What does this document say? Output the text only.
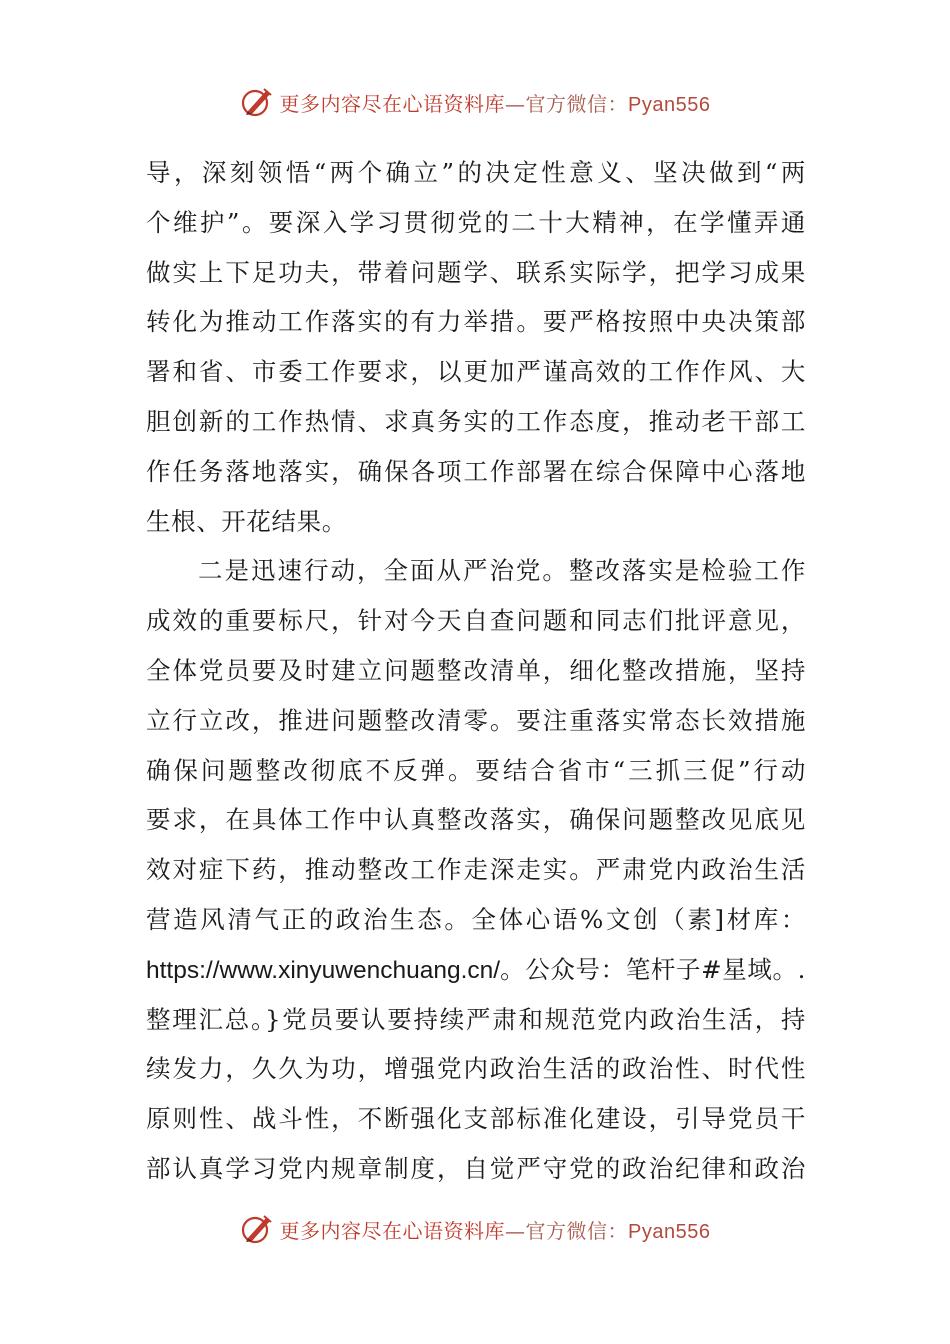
更多内容尽在心语资料库—官方微信：Pyan556
导，深刻领悟“两个确立”的决定性意义、坚决做到“两
个维护”。要深入学习贯彻党的二十大精神，在学懂弄通
做实上下足功夫，带着问题学、联系实际学，把学习成果
转化为推动工作落实的有力举措。要严格按照中央决策部
署和省、市委工作要求，以更加严谨高效的工作作风、大
胆创新的工作热情、求真务实的工作态度，推动老干部工
作任务落地落实，确保各项工作部署在综合保障中心落地
生根、开花结果。
二是迅速行动，全面从严治党。整改落实是检验工作
成效的重要标尺，针对今天自查问题和同志们批评意见，
全体党员要及时建立问题整改清单，细化整改措施，坚持
立行立改，推进问题整改清零。要注重落实常态长效措施
确保问题整改彻底不反弹。要结合省市“三抓三促”行动
要求，在具体工作中认真整改落实，确保问题整改见底见
效对症下药，推动整改工作走深走实。严肃党内政治生活
营造风清气正的政治生态。全体心语%文创（素]材库：
https://www.xinyuwenchuang.cn/。公众号：笔杆子#星域。.
整理汇总。}党员要认要持续严肃和规范党内政治生活，持
续发力，久久为功，增强党内政治生活的政治性、时代性
原则性、战斗性，不断强化支部标准化建设，引导党员干
部认真学习党内规章制度，自觉严守党的政治纪律和政治
更多内容尽在心语资料库—官方微信：Pyan556
